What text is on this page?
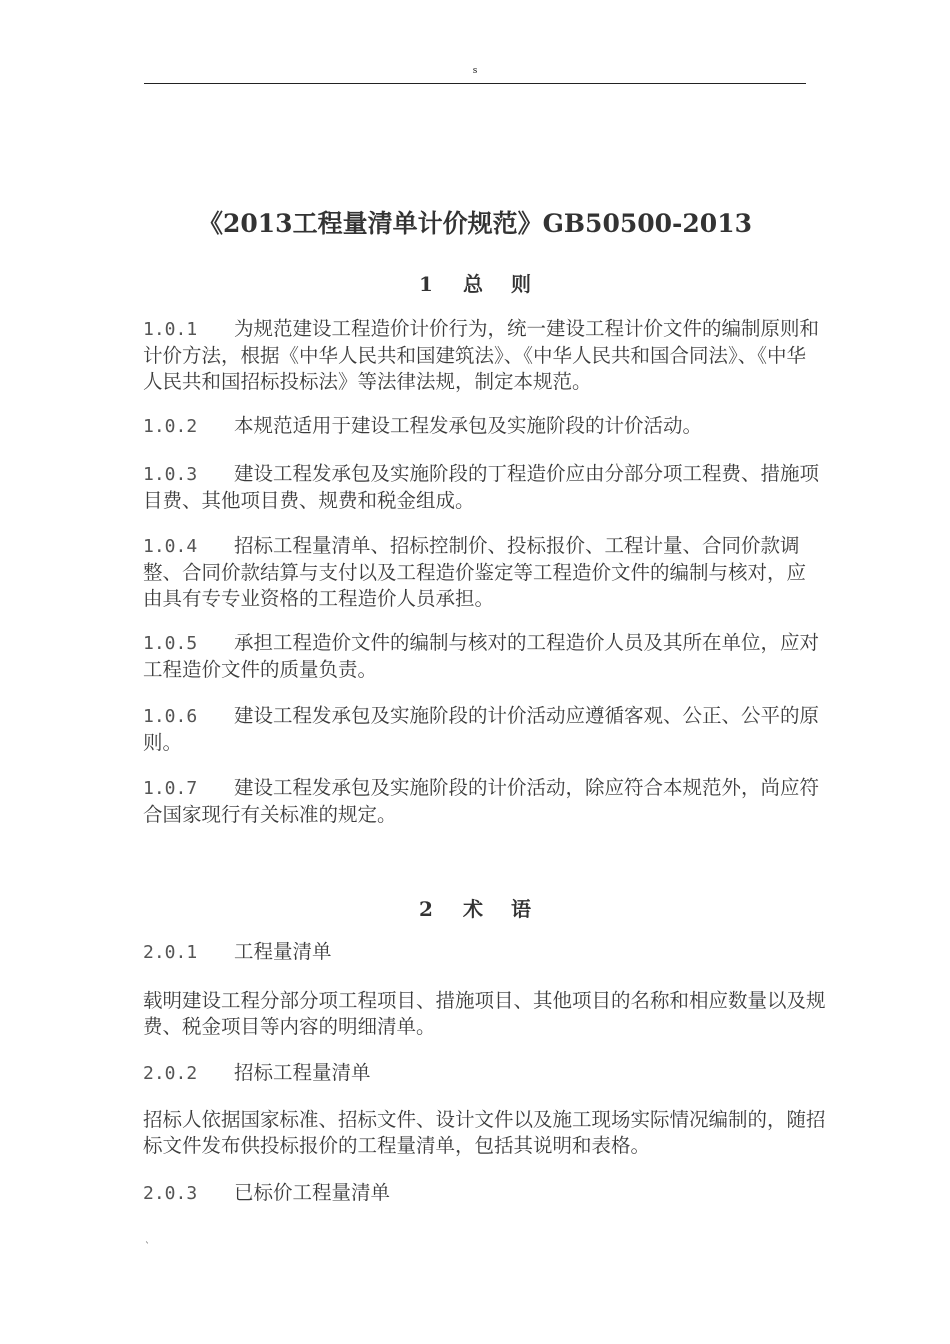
s
《2013工程量清单计价规范》GB50500-2013
1 总则
1.0.1 为规范建设工程造价计价行为，统一建设工程计价文件的编制原则和计价方法，根据《中华人民共和国建筑法》、《中华人民共和国合同法》、《中华人民共和国招标投标法》等法律法规，制定本规范。
1.0.2 本规范适用于建设工程发承包及实施阶段的计价活动。
1.0.3 建设工程发承包及实施阶段的丁程造价应由分部分项工程费、措施项目费、其他项目费、规费和税金组成。
1.0.4 招标工程量清单、招标控制价、投标报价、工程计量、合同价款调整、合同价款结算与支付以及工程造价鉴定等工程造价文件的编制与核对，应由具有专专业资格的工程造价人员承担。
1.0.5 承担工程造价文件的编制与核对的工程造价人员及其所在单位，应对工程造价文件的质量负责。
1.0.6 建设工程发承包及实施阶段的计价活动应遵循客观、公正、公平的原则。
1.0.7 建设工程发承包及实施阶段的计价活动，除应符合本规范外，尚应符合国家现行有关标准的规定。
2 术语
2.0.1 工程量清单
载明建设工程分部分项工程项目、措施项目、其他项目的名称和相应数量以及规费、税金项目等内容的明细清单。
2.0.2 招标工程量清单
招标人依据国家标准、招标文件、设计文件以及施工现场实际情况编制的，随招标文件发布供投标报价的工程量清单，包括其说明和表格。
2.0.3 已标价工程量清单
`
